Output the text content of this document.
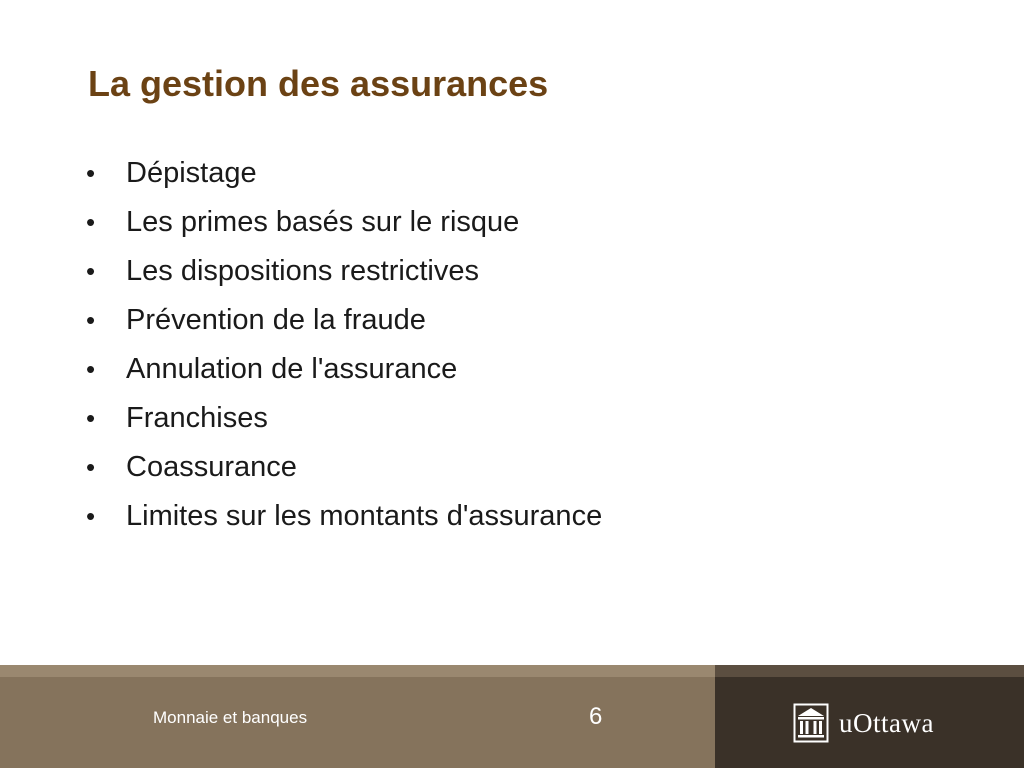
La gestion des assurances
•	Dépistage
•	Les primes basés sur le risque
•	Les dispositions restrictives
•	Prévention de la fraude
•	Annulation de l'assurance
•	Franchises
•	Coassurance
•	Limites sur les montants d'assurance
Monnaie et banques	6	uOttawa
